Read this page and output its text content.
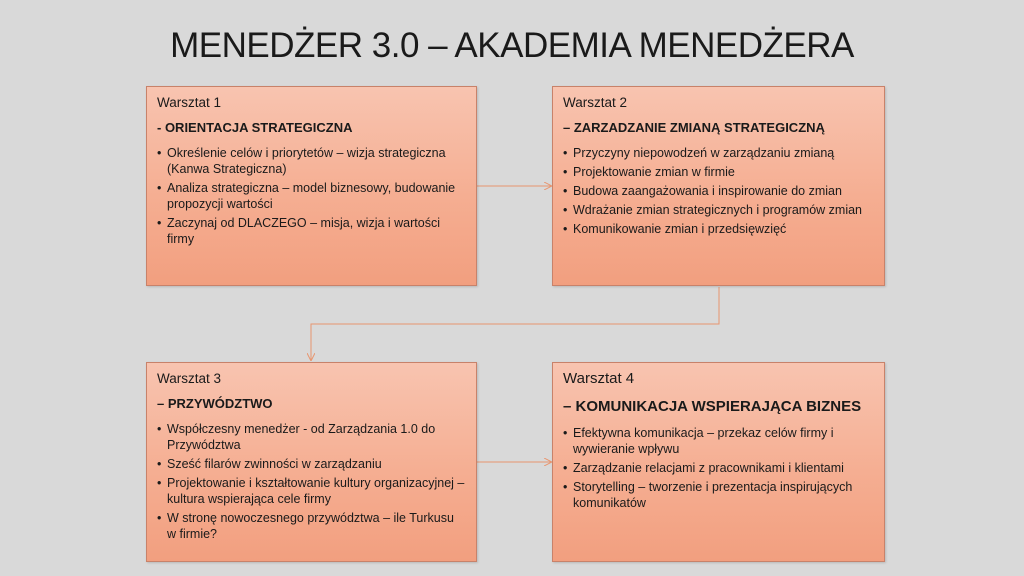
MENEDŻER 3.0 – AKADEMIA MENEDŻERA
Warsztat 1
- ORIENTACJA STRATEGICZNA
• Określenie celów i priorytetów – wizja strategiczna (Kanwa Strategiczna)
• Analiza strategiczna – model biznesowy, budowanie propozycji wartości
• Zaczynaj od DLACZEGO – misja, wizja i wartości firmy
Warsztat 2
– ZARZADZANIE ZMIANĄ STRATEGICZNĄ
• Przyczyny niepowodzeń w zarządzaniu zmianą
• Projektowanie zmian w firmie
• Budowa zaangażowania i inspirowanie do zmian
• Wdrażanie zmian strategicznych i programów zmian
• Komunikowanie zmian i przedsięwzięć
Warsztat 3
– PRZYWÓDZTWO
• Współczesny menedżer - od Zarządzania 1.0 do Przywództwa
• Sześć filarów zwinności w zarządzaniu
• Projektowanie i kształtowanie kultury organizacyjnej – kultura wspierająca cele firmy
• W stronę nowoczesnego przywództwa – ile Turkusu w firmie?
Warsztat 4
– KOMUNIKACJA WSPIERAJĄCA BIZNES
• Efektywna komunikacja – przekaz celów firmy i wywieranie wpływu
• Zarządzanie relacjami z pracownikami i klientami
• Storytelling – tworzenie i prezentacja inspirujących komunikatów
